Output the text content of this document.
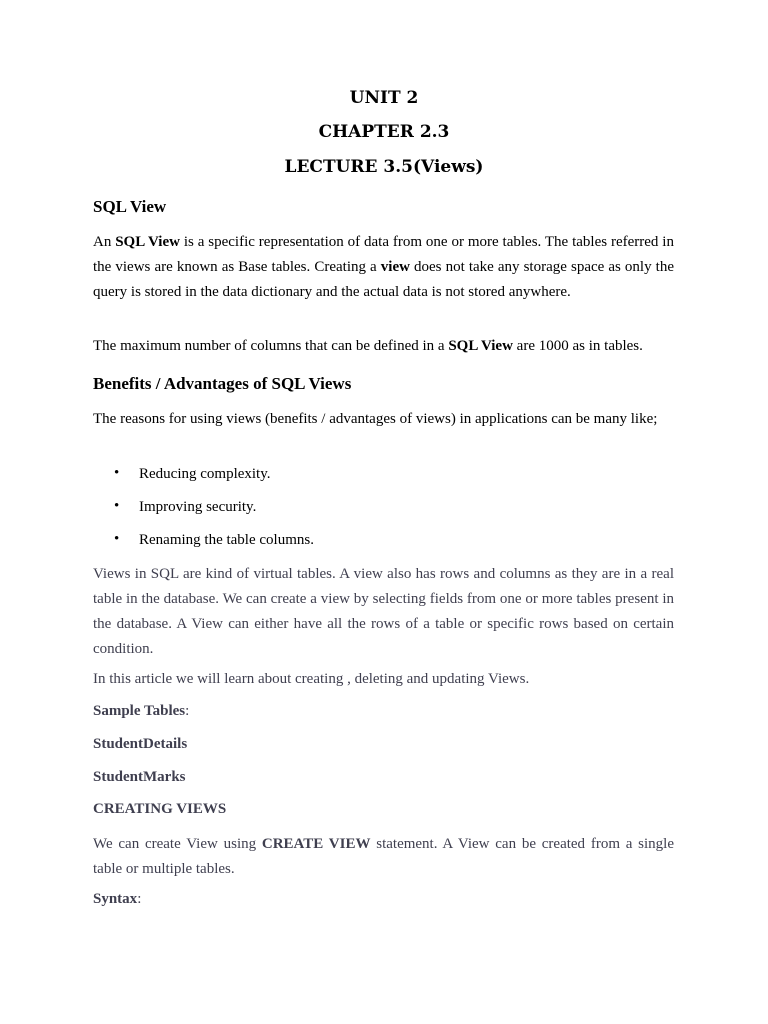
UNIT 2
CHAPTER 2.3
LECTURE 3.5(Views)
SQL View
An SQL View is a specific representation of data from one or more tables. The tables referred in the views are known as Base tables. Creating a view does not take any storage space as only the query is stored in the data dictionary and the actual data is not stored anywhere.
The maximum number of columns that can be defined in a SQL View are 1000 as in tables.
Benefits / Advantages of SQL Views
The reasons for using views (benefits / advantages of views) in applications can be many like;
• Reducing complexity.
• Improving security.
• Renaming the table columns.
Views in SQL are kind of virtual tables. A view also has rows and columns as they are in a real table in the database. We can create a view by selecting fields from one or more tables present in the database. A View can either have all the rows of a table or specific rows based on certain condition.
In this article we will learn about creating , deleting and updating Views.
Sample Tables:
StudentDetails
StudentMarks
CREATING VIEWS
We can create View using CREATE VIEW statement. A View can be created from a single table or multiple tables.
Syntax:
